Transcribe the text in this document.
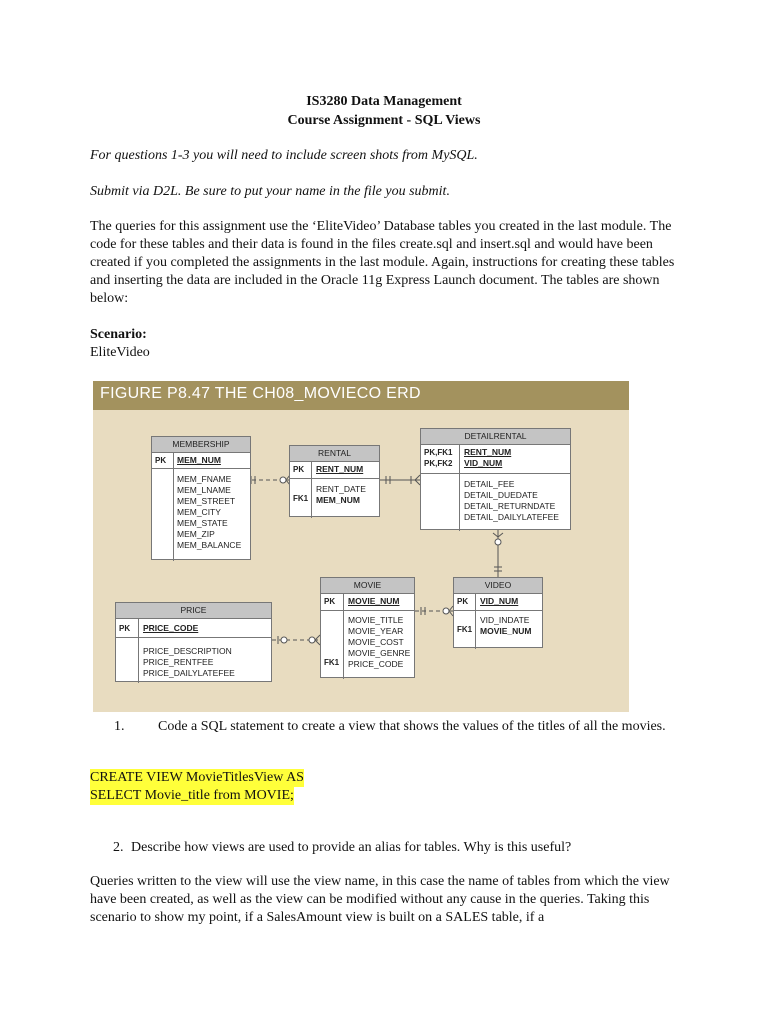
IS3280 Data Management
Course Assignment - SQL Views
For questions 1-3 you will need to include screen shots from MySQL.
Submit via D2L. Be sure to put your name in the file you submit.
The queries for this assignment use the ‘EliteVideo’ Database tables you created in the last module. The code for these tables and their data is found in the files create.sql and insert.sql and would have been created if you completed the assignments in the last module. Again, instructions for creating these tables and inserting the data are included in the Oracle 11g Express Launch document. The tables are shown below:
Scenario:
EliteVideo
FIGURE P8.47 THE CH08_MOVIECO ERD
MEMBERSHIP
PK	MEM_NUM
MEM_FNAME
MEM_LNAME
MEM_STREET
MEM_CITY
MEM_STATE
MEM_ZIP
MEM_BALANCE
RENTAL
PK	RENT_NUM
FK1
RENT_DATE
MEM_NUM
DETAILRENTAL
PK,FK1
PK,FK2
RENT_NUM
VID_NUM
DETAIL_FEE
DETAIL_DUEDATE
DETAIL_RETURNDATE
DETAIL_DAILYLATEFEE
MOVIE
PK	MOVIE_NUM
FK1
MOVIE_TITLE
MOVIE_YEAR
MOVIE_COST
MOVIE_GENRE
PRICE_CODE
VIDEO
PK	VID_NUM
FK1
VID_INDATE
MOVIE_NUM
PRICE
PK	PRICE_CODE
PRICE_DESCRIPTION
PRICE_RENTFEE
PRICE_DAILYLATEFEE
1.	Code a SQL statement to create a view that shows the values of the titles of all the movies.
CREATE VIEW MovieTitlesView AS
SELECT Movie_title from MOVIE;
2. Describe how views are used to provide an alias for tables. Why is this useful?
Queries written to the view will use the view name, in this case the name of tables from which the view have been created, as well as the view can be modified without any cause in the queries. Taking this scenario to show my point, if a SalesAmount view is built on a SALES table, if a
